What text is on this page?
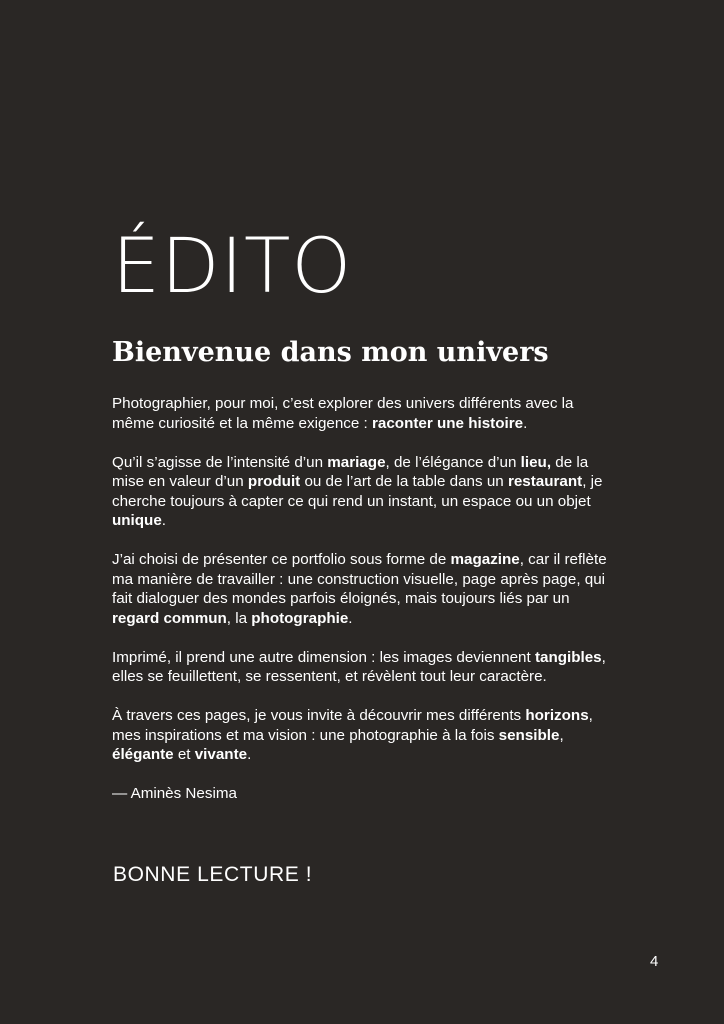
ÉDITO
Bienvenue dans mon univers

Photographier, pour moi, c’est explorer des univers différents avec la même curiosité et la même exigence : raconter une histoire.

Qu’il s’agisse de l’intensité d’un mariage, de l’élégance d’un lieu, de la mise en valeur d’un produit ou de l’art de la table dans un restaurant, je cherche toujours à capter ce qui rend un instant, un espace ou un objet unique.

J’ai choisi de présenter ce portfolio sous forme de magazine, car il reflète ma manière de travailler : une construction visuelle, page après page, qui fait dialoguer des mondes parfois éloignés, mais toujours liés par un regard commun, la photographie.

Imprimé, il prend une autre dimension : les images deviennent tangibles, elles se feuillettent, se ressentent, et révèlent tout leur caractère.

À travers ces pages, je vous invite à découvrir mes différents horizons, mes inspirations et ma vision : une photographie à la fois sensible, élégante et vivante.

— Aminès Nesima

BONNE LECTURE !

4
